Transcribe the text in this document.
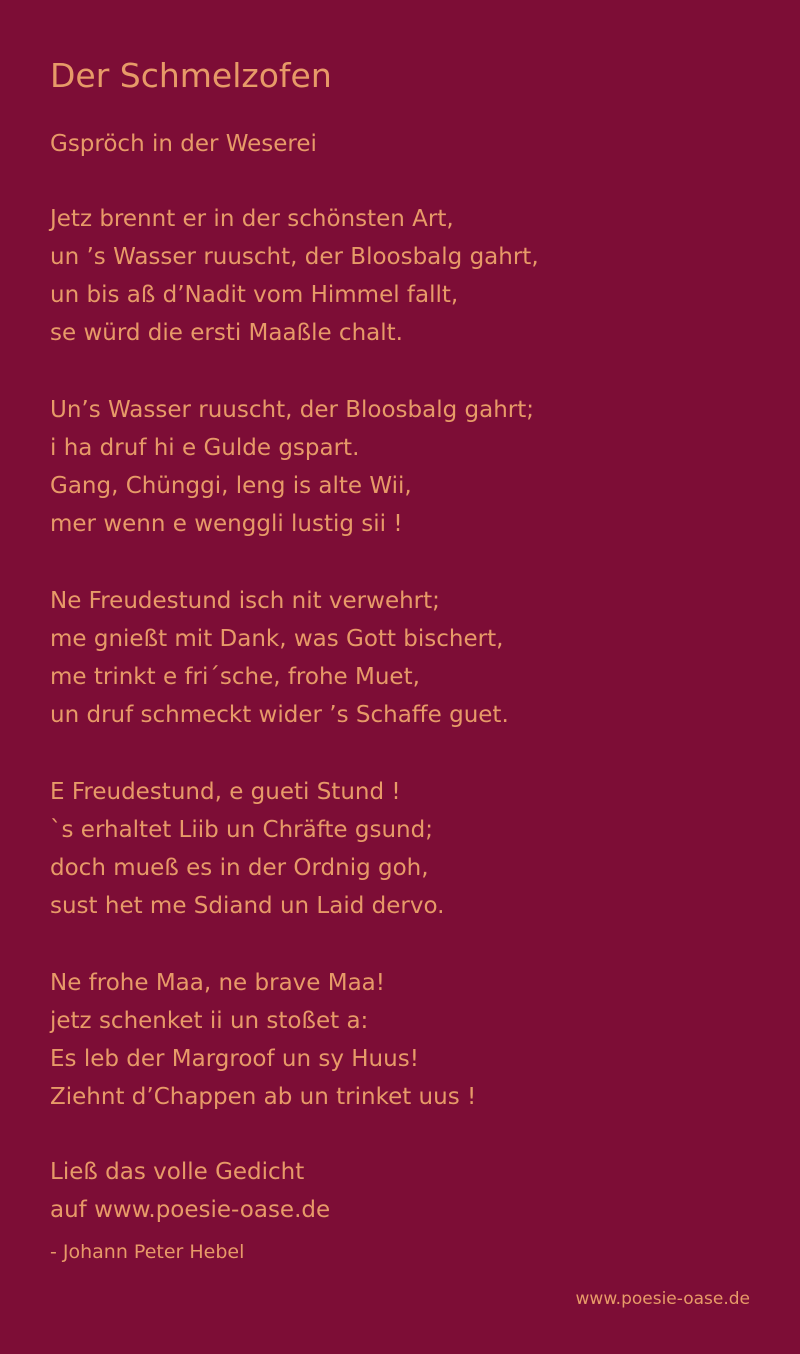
Der Schmelzofen
Gspröch in der Weserei
Jetz brennt er in der schönsten Art,
un ’s Wasser ruuscht, der Bloosbalg gahrt,
un bis aß d’Nadit vom Himmel fallt,
se würd die ersti Maaßle chalt.
Un’s Wasser ruuscht, der Bloosbalg gahrt;
i ha druf hi e Gulde gspart.
Gang, Chünggi, leng is alte Wii,
mer wenn e wenggli lustig sii !
Ne Freudestund isch nit verwehrt;
me gnießt mit Dank, was Gott bischert,
me trinkt e fri´sche, frohe Muet,
un druf schmeckt wider ’s Schaffe guet.
E Freudestund, e gueti Stund !
`s erhaltet Liib un Chräfte gsund;
doch mueß es in der Ordnig goh,
sust het me Sdiand un Laid dervo.
Ne frohe Maa, ne brave Maa!
jetz schenket ii un stoßet a:
Es leb der Margroof un sy Huus!
Ziehnt d’Chappen ab un trinket uus !
Ließ das volle Gedicht
auf www.poesie-oase.de
- Johann Peter Hebel
www.poesie-oase.de
